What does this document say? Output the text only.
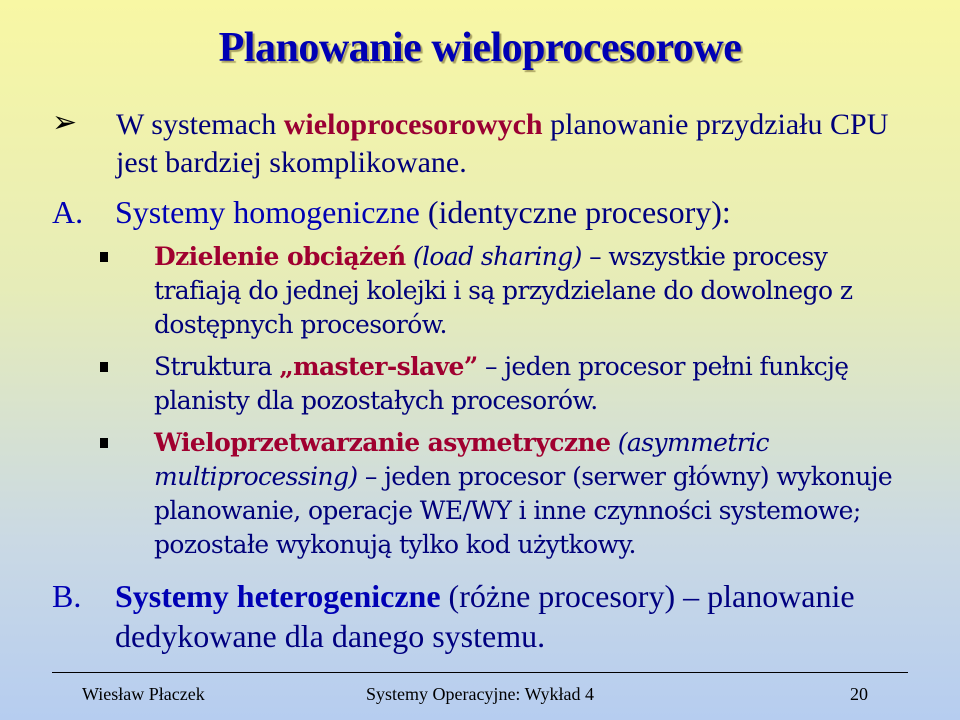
Planowanie wieloprocesorowe
➢ W systemach wieloprocesorowych planowanie przydziału CPU jest bardziej skomplikowane.
A. Systemy homogeniczne (identyczne procesory):
Dzielenie obciążeń (load sharing) – wszystkie procesy trafiają do jednej kolejki i są przydzielane do dowolnego z dostępnych procesorów.
Struktura „master-slave” – jeden procesor pełni funkcję planisty dla pozostałych procesorów.
Wieloprzetwarzanie asymetryczne (asymmetric multiprocessing) – jeden procesor (serwer główny) wykonuje planowanie, operacje WE/WY i inne czynności systemowe; pozostałe wykonują tylko kod użytkowy.
B. Systemy heterogeniczne (różne procesory) – planowanie dedykowane dla danego systemu.
Wiesław Płaczek	Systemy Operacyjne: Wykład 4	20
